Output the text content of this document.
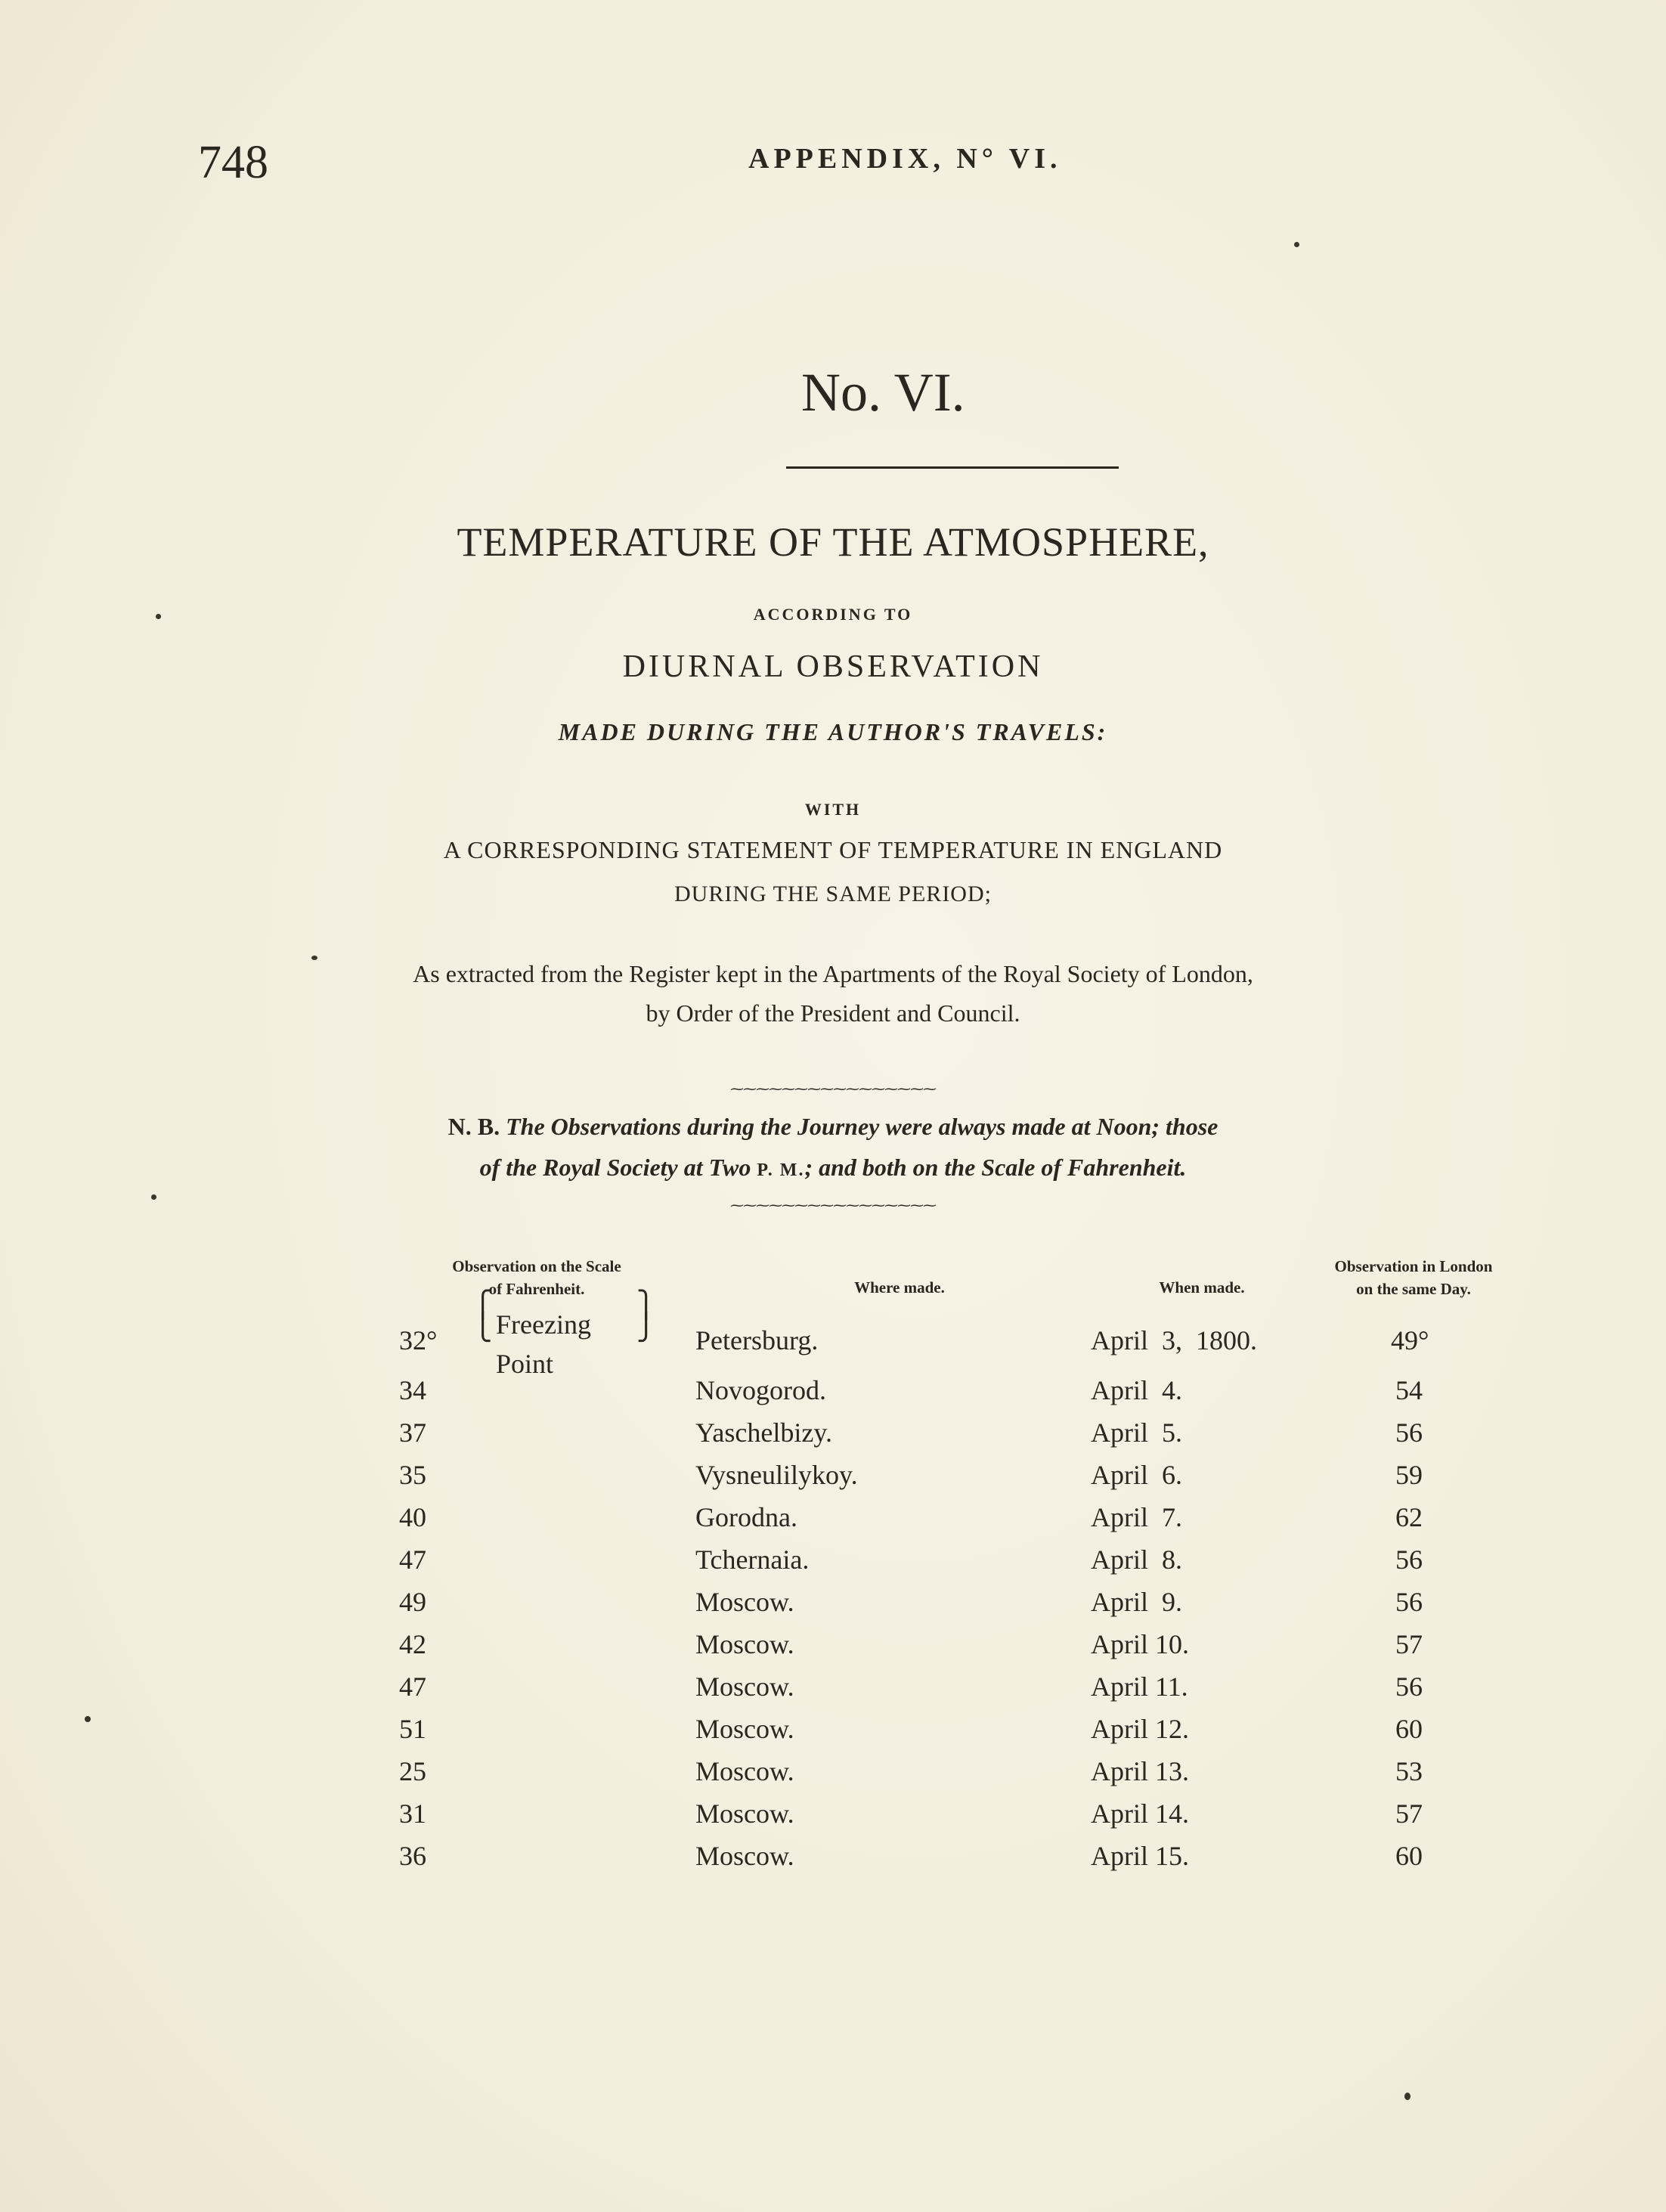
748	APPENDIX, N° VI.
No. VI.
TEMPERATURE OF THE ATMOSPHERE,
ACCORDING TO
DIURNAL OBSERVATION
MADE DURING THE AUTHOR'S TRAVELS:
WITH
A CORRESPONDING STATEMENT OF TEMPERATURE IN ENGLAND
DURING THE SAME PERIOD;
As extracted from the Register kept in the Apartments of the Royal Society of London,
by Order of the President and Council.
⁓⁓⁓⁓⁓⁓⁓⁓⁓⁓⁓⁓⁓⁓⁓⁓
N. B. The Observations during the Journey were always made at Noon; those
of the Royal Society at Two P. M.; and both on the Scale of Fahrenheit.
⁓⁓⁓⁓⁓⁓⁓⁓⁓⁓⁓⁓⁓⁓⁓⁓
Observation on the Scale
of Fahrenheit.	Where made.	When made.
Observation in London
on the same Day.
⎧
⎩ Freezing
Point
⎫
⎭
32°	Petersburg.	April  3,  1800.	49°
34	Novogorod.	April  4.	54
37	Yaschelbizy.	April  5.	56
35	Vysneulilykoy.	April  6.	59
40	Gorodna.	April  7.	62
47	Tchernaia.	April  8.	56
49	Moscow.	April  9.	56
42	Moscow.	April 10.	57
47	Moscow.	April 11.	56
51	Moscow.	April 12.	60
25	Moscow.	April 13.	53
31	Moscow.	April 14.	57
36	Moscow.	April 15.	60
